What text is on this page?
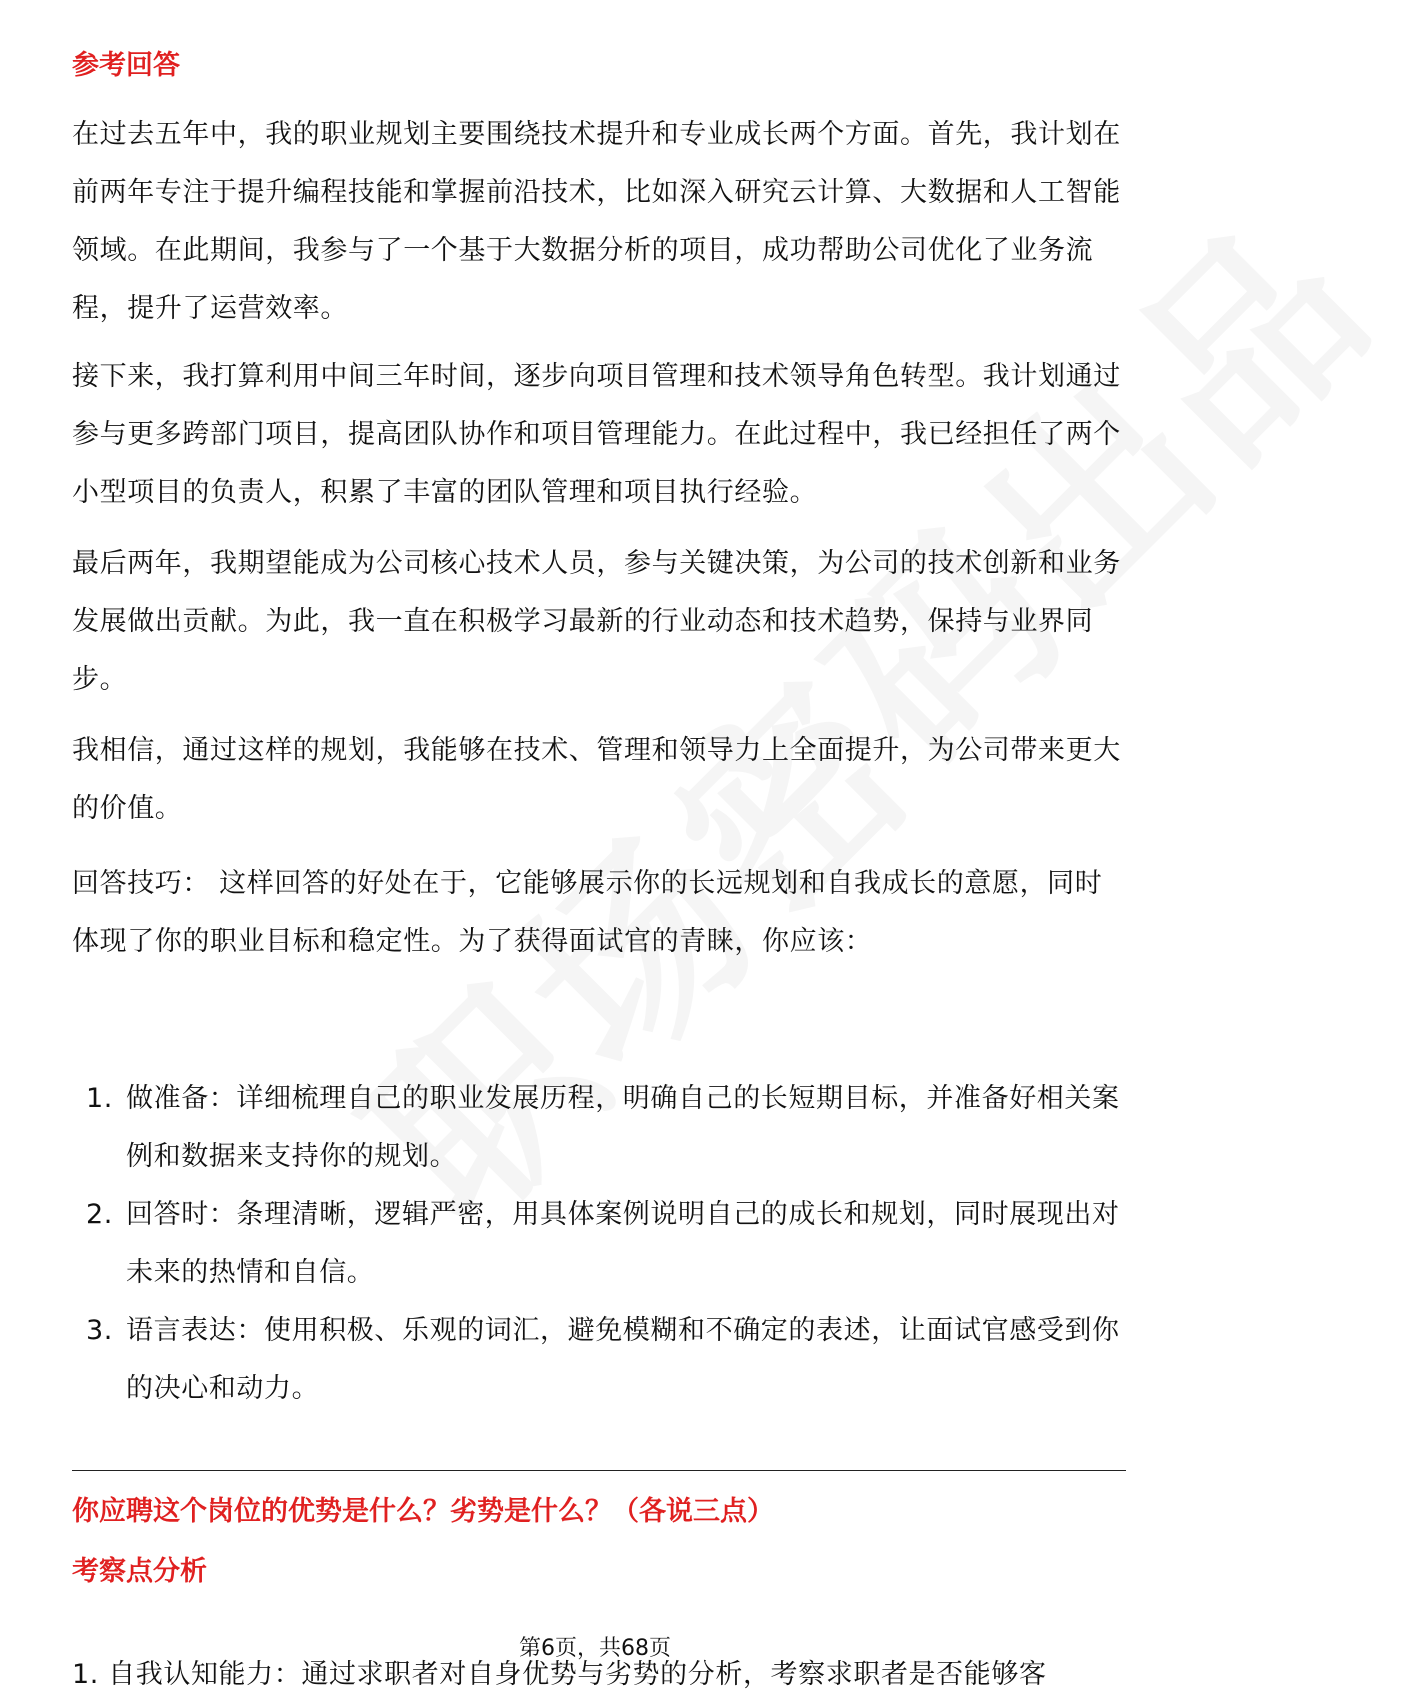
参考回答

在过去五年中，我的职业规划主要围绕技术提升和专业成长两个方面。首先，我计划在前两年专注于提升编程技能和掌握前沿技术，比如深入研究云计算、大数据和人工智能领域。在此期间，我参与了一个基于大数据分析的项目，成功帮助公司优化了业务流程，提升了运营效率。

接下来，我打算利用中间三年时间，逐步向项目管理和技术领导角色转型。我计划通过参与更多跨部门项目，提高团队协作和项目管理能力。在此过程中，我已经担任了两个小型项目的负责人，积累了丰富的团队管理和项目执行经验。

最后两年，我期望能成为公司核心技术人员，参与关键决策，为公司的技术创新和业务发展做出贡献。为此，我一直在积极学习最新的行业动态和技术趋势，保持与业界同步。

我相信，通过这样的规划，我能够在技术、管理和领导力上全面提升，为公司带来更大的价值。

回答技巧： 这样回答的好处在于，它能够展示你的长远规划和自我成长的意愿，同时体现了你的职业目标和稳定性。为了获得面试官的青睐，你应该：

1. 做准备：详细梳理自己的职业发展历程，明确自己的长短期目标，并准备好相关案例和数据来支持你的规划。
2. 回答时：条理清晰，逻辑严密，用具体案例说明自己的成长和规划，同时展现出对未来的热情和自信。
3. 语言表达：使用积极、乐观的词汇，避免模糊和不确定的表述，让面试官感受到你的决心和动力。
你应聘这个岗位的优势是什么？劣势是什么？（各说三点）
考察点分析
1. 自我认知能力：通过求职者对自身优势与劣势的分析，考察求职者是否能够客
第6页，共68页
